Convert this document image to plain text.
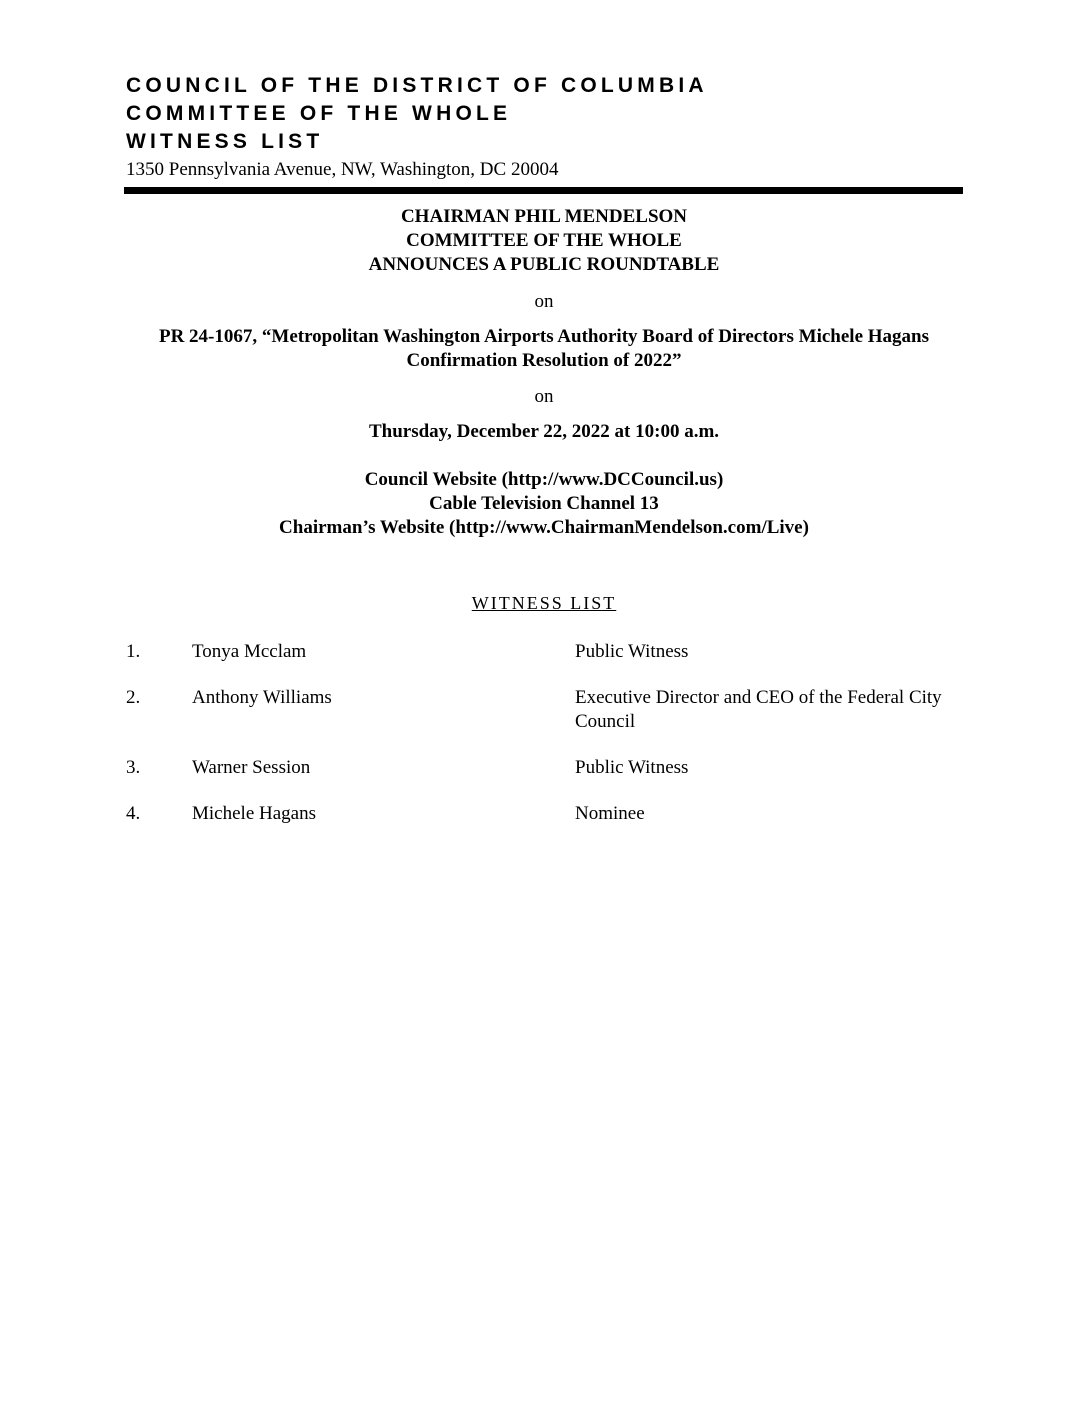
COUNCIL OF THE DISTRICT OF COLUMBIA
COMMITTEE OF THE WHOLE
WITNESS LIST
1350 Pennsylvania Avenue, NW, Washington, DC 20004
CHAIRMAN PHIL MENDELSON
COMMITTEE OF THE WHOLE
ANNOUNCES A PUBLIC ROUNDTABLE
on
PR 24-1067, “Metropolitan Washington Airports Authority Board of Directors Michele Hagans
Confirmation Resolution of 2022”
on
Thursday, December 22, 2022 at 10:00 a.m.
Council Website (http://www.DCCouncil.us)
Cable Television Channel 13
Chairman’s Website (http://www.ChairmanMendelson.com/Live)
WITNESS LIST
1.	Tonya Mcclam	Public Witness
2.	Anthony Williams	Executive Director and CEO of the Federal City Council
3.	Warner Session	Public Witness
4.	Michele Hagans	Nominee
